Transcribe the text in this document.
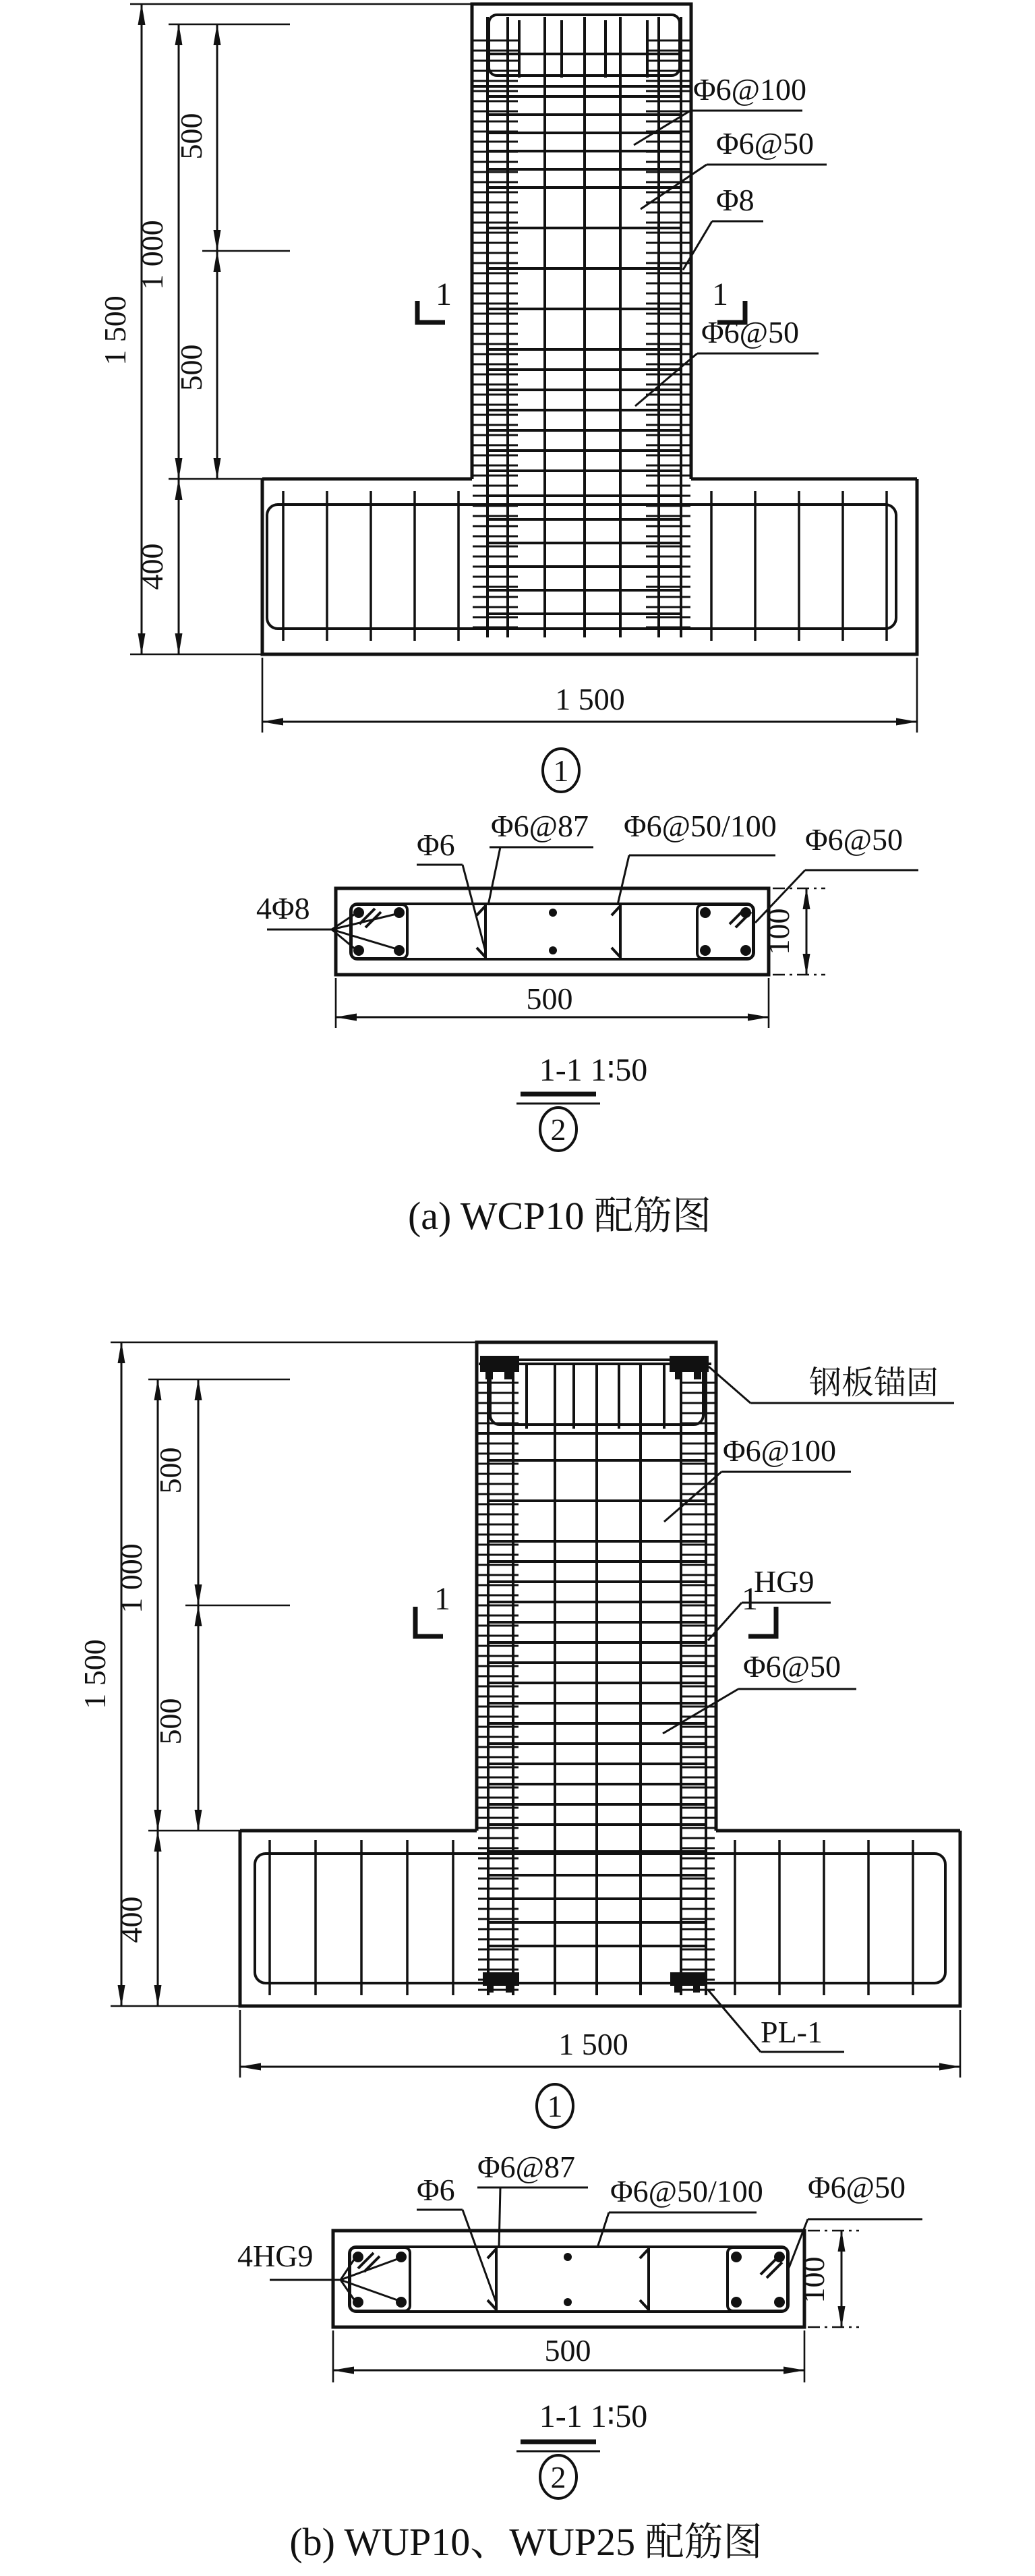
1 500
1 000
500
500
400
1 500
1
1	1
Φ6@100
Φ6@50
Φ8
Φ6@50
4Φ8
Φ6
Φ6@87 Φ6@50/100 Φ6@50
100
500
1-1 1∶50
2
(a) WCP10 配筋图
1 500
1 000
500
500
400
1 500
1
1	1
钢板锚固
Φ6@100
HG9
Φ6@50
PL-1
4HG9
Φ6
Φ6@87
Φ6@50/100 Φ6@50
100
500
1-1 1∶50
2
(b) WUP10、WUP25 配筋图
